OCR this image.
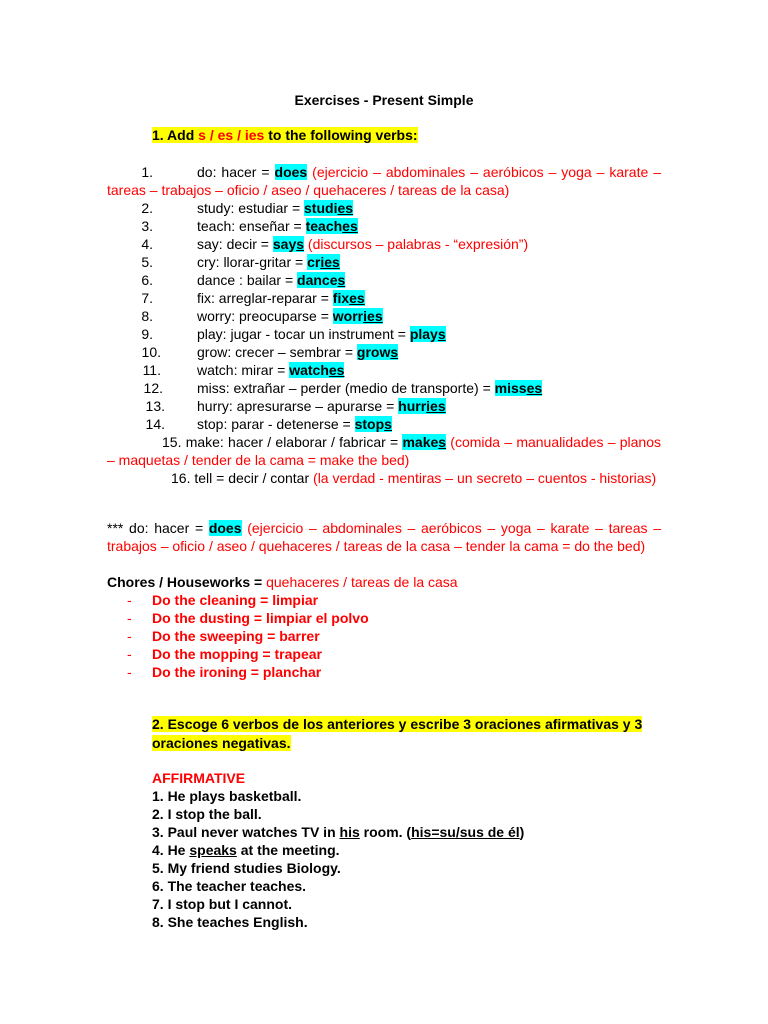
Exercises - Present Simple
1. Add s / es / ies to the following verbs:
1.	do: hacer = does (ejercicio – abdominales – aeróbicos – yoga – karate – tareas – trabajos – oficio / aseo / quehaceres / tareas de la casa)
2.	study: estudiar = studies
3.	teach: enseñar = teaches
4.	say: decir = says (discursos – palabras - “expresión”)
5.	cry: llorar-gritar = cries
6.	dance : bailar = dances
7.	fix: arreglar-reparar = fixes
8.	worry: preocuparse = worries
9.	play: jugar - tocar un instrument = plays
10.	grow: crecer – sembrar = grows
11.	watch: mirar = watches
12. miss: extrañar – perder (medio de transporte) = misses
13. hurry: apresurarse – apurarse = hurries
14. stop: parar - detenerse = stops
15. make: hacer / elaborar / fabricar = makes (comida – manualidades – planos – maquetas / tender de la cama = make the bed)
16. tell = decir / contar (la verdad - mentiras – un secreto – cuentos - historias)
*** do: hacer = does (ejercicio – abdominales – aeróbicos – yoga – karate – tareas – trabajos – oficio / aseo / quehaceres / tareas de la casa – tender la cama = do the bed)
Chores / Houseworks = quehaceres / tareas de la casa
- Do the cleaning = limpiar
- Do the dusting = limpiar el polvo
- Do the sweeping = barrer
- Do the mopping = trapear
- Do the ironing = planchar
2. Escoge 6 verbos de los anteriores y escribe 3 oraciones afirmativas y 3 oraciones negativas.
AFFIRMATIVE
1. He plays basketball.
2. I stop the ball.
3. Paul never watches TV in his room. (his=su/sus de él)
4. He speaks at the meeting.
5. My friend studies Biology.
6. The teacher teaches.
7. I stop but I cannot.
8. She teaches English.
